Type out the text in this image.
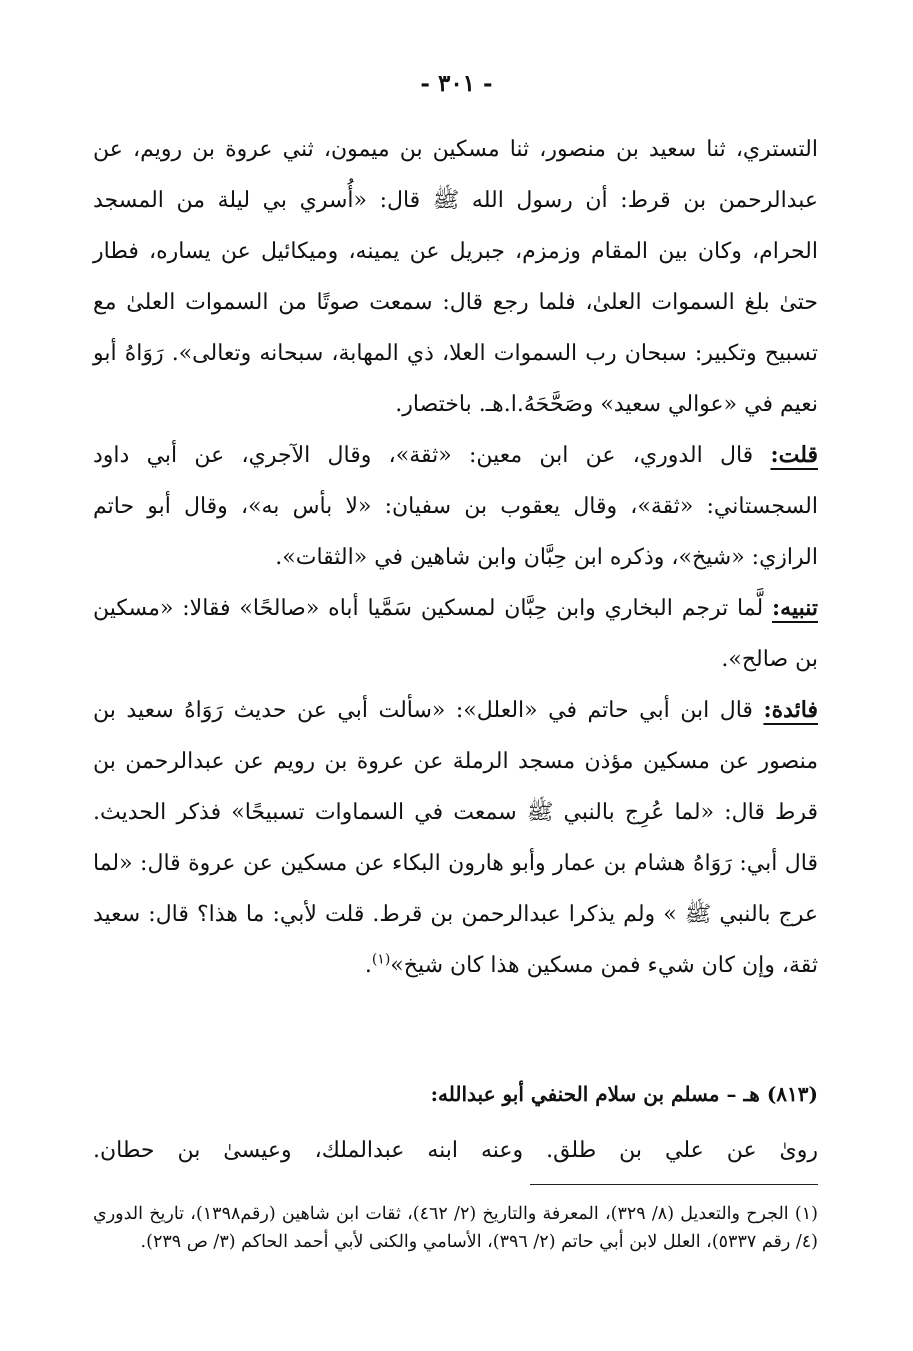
- ٣٠١ -

التستري، ثنا سعيد بن منصور، ثنا مسكين بن ميمون، ثني عروة بن رويم، عن عبدالرحمن بن قرط: أن رسول الله ﷺ قال: «أُسري بي ليلة من المسجد الحرام، وكان بين المقام وزمزم، جبريل عن يمينه، وميكائيل عن يساره، فطار حتىٰ بلغ السموات العلىٰ، فلما رجع قال: سمعت صوتًا من السموات العلىٰ مع تسبيح وتكبير: سبحان رب السموات العلا، ذي المهابة، سبحانه وتعالى». رَوَاهُ أبو نعيم في «عوالي سعيد» وصَحَّحَهُ.ا.هـ. باختصار.

قلت: قال الدوري، عن ابن معين: «ثقة»، وقال الآجري، عن أبي داود السجستاني: «ثقة»، وقال يعقوب بن سفيان: «لا بأس به»، وقال أبو حاتم الرازي: «شيخ»، وذكره ابن حِبَّان وابن شاهين في «الثقات».

تنبيه: لَّما ترجم البخاري وابن حِبَّان لمسكين سَمَّيا أباه «صالحًا» فقالا: «مسكين بن صالح».

فائدة: قال ابن أبي حاتم في «العلل»: «سألت أبي عن حديث رَوَاهُ سعيد بن منصور عن مسكين مؤذن مسجد الرملة عن عروة بن رويم عن عبدالرحمن بن قرط قال: «لما عُرِج بالنبي ﷺ سمعت في السماوات تسبيحًا» فذكر الحديث. قال أبي: رَوَاهُ هشام بن عمار وأبو هارون البكاء عن مسكين عن عروة قال: «لما عرج بالنبي ﷺ » ولم يذكرا عبدالرحمن بن قرط. قلت لأبي: ما هذا؟ قال: سعيد ثقة، وإن كان شيء فمن مسكين هذا كان شيخ»$^{(١)}$.

(٨١٣) هـ – مسلم بن سلام الحنفي أبو عبدالله:
روىٰ عن علي بن طلق. وعنه ابنه عبدالملك، وعيسىٰ بن حطان.
(١) الجرح والتعديل (٨/ ٣٢٩)، المعرفة والتاريخ (٢/ ٤٦٢)، ثقات ابن شاهين (رقم١٣٩٨)، تاريخ الدوري (٤/ رقم ٥٣٣٧)، العلل لابن أبي حاتم (٢/ ٣٩٦)، الأسامي والكنى لأبي أحمد الحاكم (٣/ ص ٢٣٩).
